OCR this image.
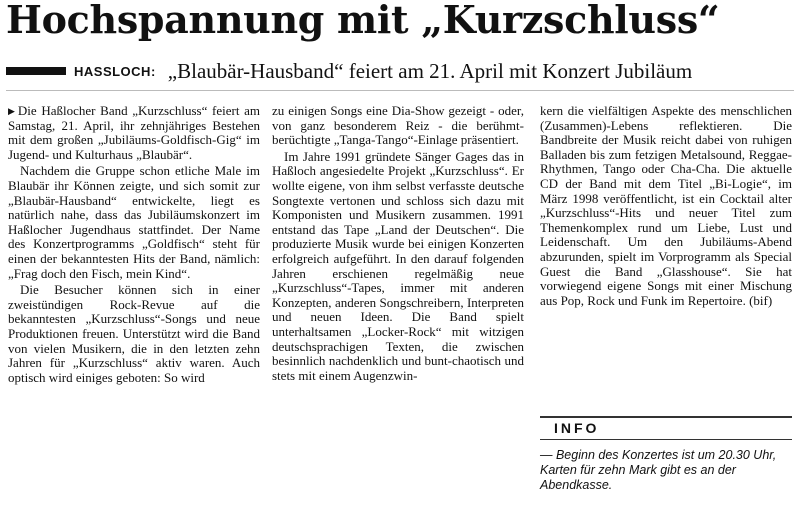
Hochspannung mit „Kurzschluss“
HASSLOCH: „Blaubär-Hausband“ feiert am 21. April mit Konzert Jubiläum

▶ Die Haßlocher Band „Kurzschluss“ feiert am Samstag, 21. April, ihr zehnjähriges Bestehen mit dem großen „Jubiläums-Goldfisch-Gig“ im Jugend- und Kulturhaus „Blaubär“.

Nachdem die Gruppe schon etliche Male im Blaubär ihr Können zeigte, und sich somit zur „Blaubär-Hausband“ entwickelte, liegt es natürlich nahe, dass das Jubiläumskonzert im Haßlocher Jugendhaus stattfindet. Der Name des Konzertprogramms „Goldfisch“ steht für einen der bekanntesten Hits der Band, nämlich: „Frag doch den Fisch, mein Kind“.

Die Besucher können sich in einer zweistündigen Rock-Revue auf die bekanntesten „Kurzschluss“-Songs und neue Produktionen freuen. Unterstützt wird die Band von vielen Musikern, die in den letzten zehn Jahren für „Kurzschluss“ aktiv waren. Auch optisch wird einiges geboten: So wird

zu einigen Songs eine Dia-Show gezeigt - oder, von ganz besonderem Reiz - die berühmt-berüchtigte „Tanga-Tango“-Einlage präsentiert.

Im Jahre 1991 gründete Sänger Gages das in Haßloch angesiedelte Projekt „Kurzschluss“. Er wollte eigene, von ihm selbst verfasste deutsche Songtexte vertonen und schloss sich dazu mit Komponisten und Musikern zusammen. 1991 entstand das Tape „Land der Deutschen“. Die produzierte Musik wurde bei einigen Konzerten erfolgreich aufgeführt. In den darauf folgenden Jahren erschienen regelmäßig neue „Kurzschluss“-Tapes, immer mit anderen Konzepten, anderen Songschreibern, Interpreten und neuen Ideen. Die Band spielt unterhaltsamen „Locker-Rock“ mit witzigen deutschsprachigen Texten, die zwischen besinnlich nachdenklich und bunt-chaotisch und stets mit einem Augenzwin-

kern die vielfältigen Aspekte des menschlichen (Zusammen)-Lebens reflektieren. Die Bandbreite der Musik reicht dabei von ruhigen Balladen bis zum fetzigen Metalsound, Reggae-Rhythmen, Tango oder Cha-Cha. Die aktuelle CD der Band mit dem Titel „Bi-Logie“, im März 1998 veröffentlicht, ist ein Cocktail alter „Kurzschluss“-Hits und neuer Titel zum Themenkomplex rund um Liebe, Lust und Leidenschaft. Um den Jubiläums-Abend abzurunden, spielt im Vorprogramm als Special Guest die Band „Glasshouse“. Sie hat vorwiegend eigene Songs mit einer Mischung aus Pop, Rock und Funk im Repertoire. (bif)

INFO
— Beginn des Konzertes ist um 20.30 Uhr, Karten für zehn Mark gibt es an der Abendkasse.
